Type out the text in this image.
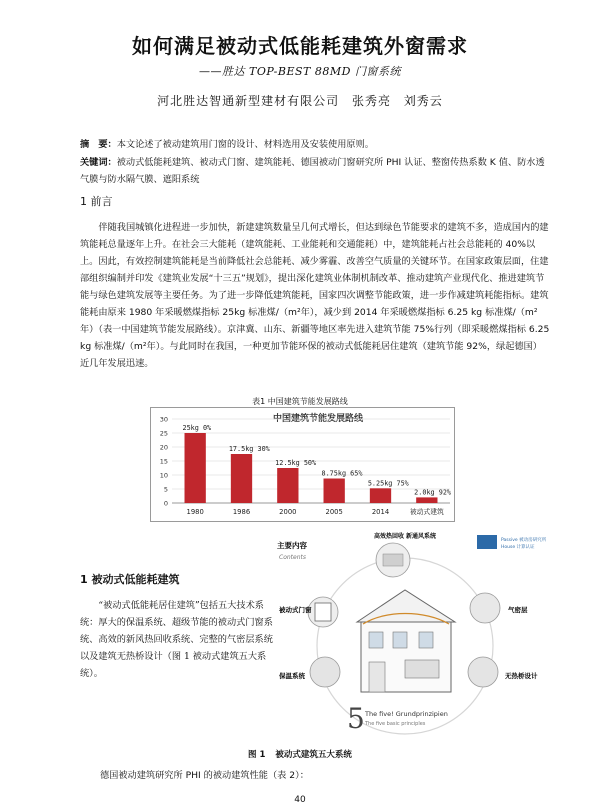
如何满足被动式低能耗建筑外窗需求
——胜达 TOP-BEST 88MD 门窗系统
河北胜达智通新型建材有限公司 张秀亮 刘秀云
摘　要：本文论述了被动建筑用门窗的设计、材料选用及安装使用原则。
关键词：被动式低能耗建筑、被动式门窗、建筑能耗、德国被动门窗研究所 PHI 认证、整窗传热系数 K 值、防水透气膜与防水隔气膜、遮阳系统
1 前言
伴随我国城镇化进程进一步加快，新建建筑数量呈几何式增长，但达到绿色节能要求的建筑不多，造成国内的建筑能耗总量逐年上升。在社会三大能耗（建筑能耗、工业能耗和交通能耗）中，建筑能耗占社会总能耗的 40%以上。因此，有效控制建筑能耗是当前降低社会总能耗、减少雾霾、改善空气质量的关键环节。在国家政策层面，住建部组织编制并印发《建筑业发展“十三五”规划》，提出深化建筑业体制机制改革、推动建筑产业现代化、推进建筑节能与绿色建筑发展等主要任务。为了进一步降低建筑能耗，国家四次调整节能政策，进一步作减建筑耗能指标。建筑能耗由原来 1980 年采暖燃煤指标 25kg 标准煤/（m²年），减少到 2014 年采暖燃煤指标 6.25 kg 标准煤/（m²年）（表一中国建筑节能发展路线）。京津冀、山东、新疆等地区率先进入建筑节能 75%行列（即采暖燃煤指标 6.25 kg 标准煤/（m²年）。与此同时在我国，一种更加节能环保的被动式低能耗居住建筑（建筑节能 92%，绿起德国）近几年发展迅速。
表1 中国建筑节能发展路线
中国建筑节能发展路线
0
5
10
15
20
25
30
25kg 0%
1980
17.5kg 30%
1986
12.5kg 50%
2000
8.75kg 65%
2005
5.25kg 75%
2014
2.0kg 92%
被动式建筑
1 被动式低能耗建筑
“被动式低能耗居住建筑”包括五大技术系统：厚大的保温系统、超级节能的被动式门窗系统、高效的新风热回收系统、完整的气密层系统以及建筑无热桥设计（图 1 被动式建筑五大系统）。
主要内容
Contents
Passive 被动房研究所
House 计算认证
高效热回收 新通风系统
被动式门窗	气密层
保温系统	无热桥设计
5 The five! Grundprinzipien
The five basic principles
图 1 被动式建筑五大系统
德国被动建筑研究所 PHI 的被动建筑性能（表 2）：
40
